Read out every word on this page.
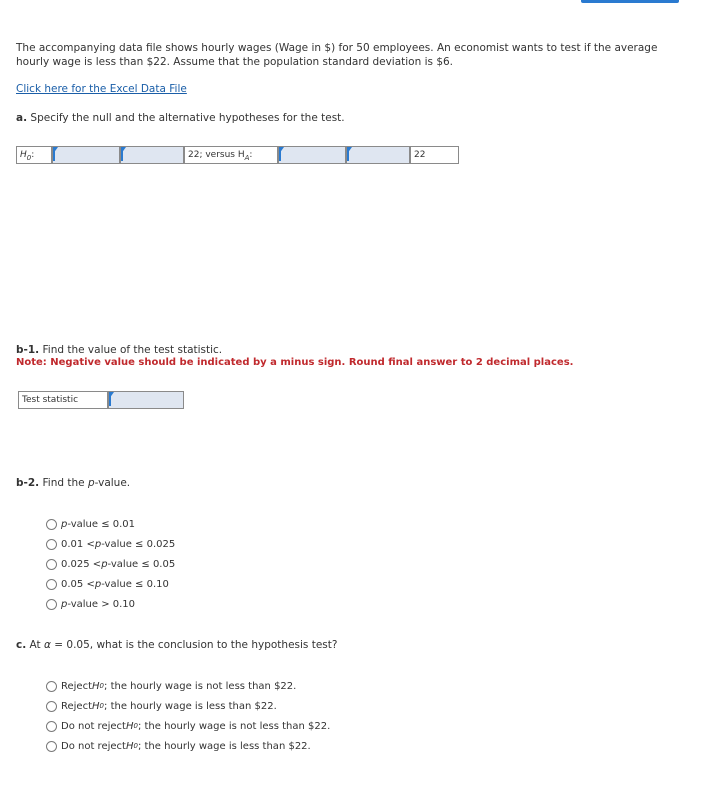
The accompanying data file shows hourly wages (Wage in $) for 50 employees. An economist wants to test if the average
hourly wage is less than $22. Assume that the population standard deviation is $6.
Click here for the Excel Data File
a. Specify the null and the alternative hypotheses for the test.
$H_0$:	22; versus $H_A$:	22
b-1. Find the value of the test statistic.
Note: Negative value should be indicated by a minus sign. Round final answer to 2 decimal places.
Test statistic
b-2. Find the p-value.
p -value ≤ 0.01
0.01 < p -value ≤ 0.025
0.025 < p -value ≤ 0.05
0.05 < p -value ≤ 0.10
p -value > 0.10
c. At α = 0.05, what is the conclusion to the hypothesis test?
Reject H 0 ; the hourly wage is not less than $22.
Reject H 0 ; the hourly wage is less than $22.
Do not reject H 0 ; the hourly wage is not less than $22.
Do not reject H 0 ; the hourly wage is less than $22.
